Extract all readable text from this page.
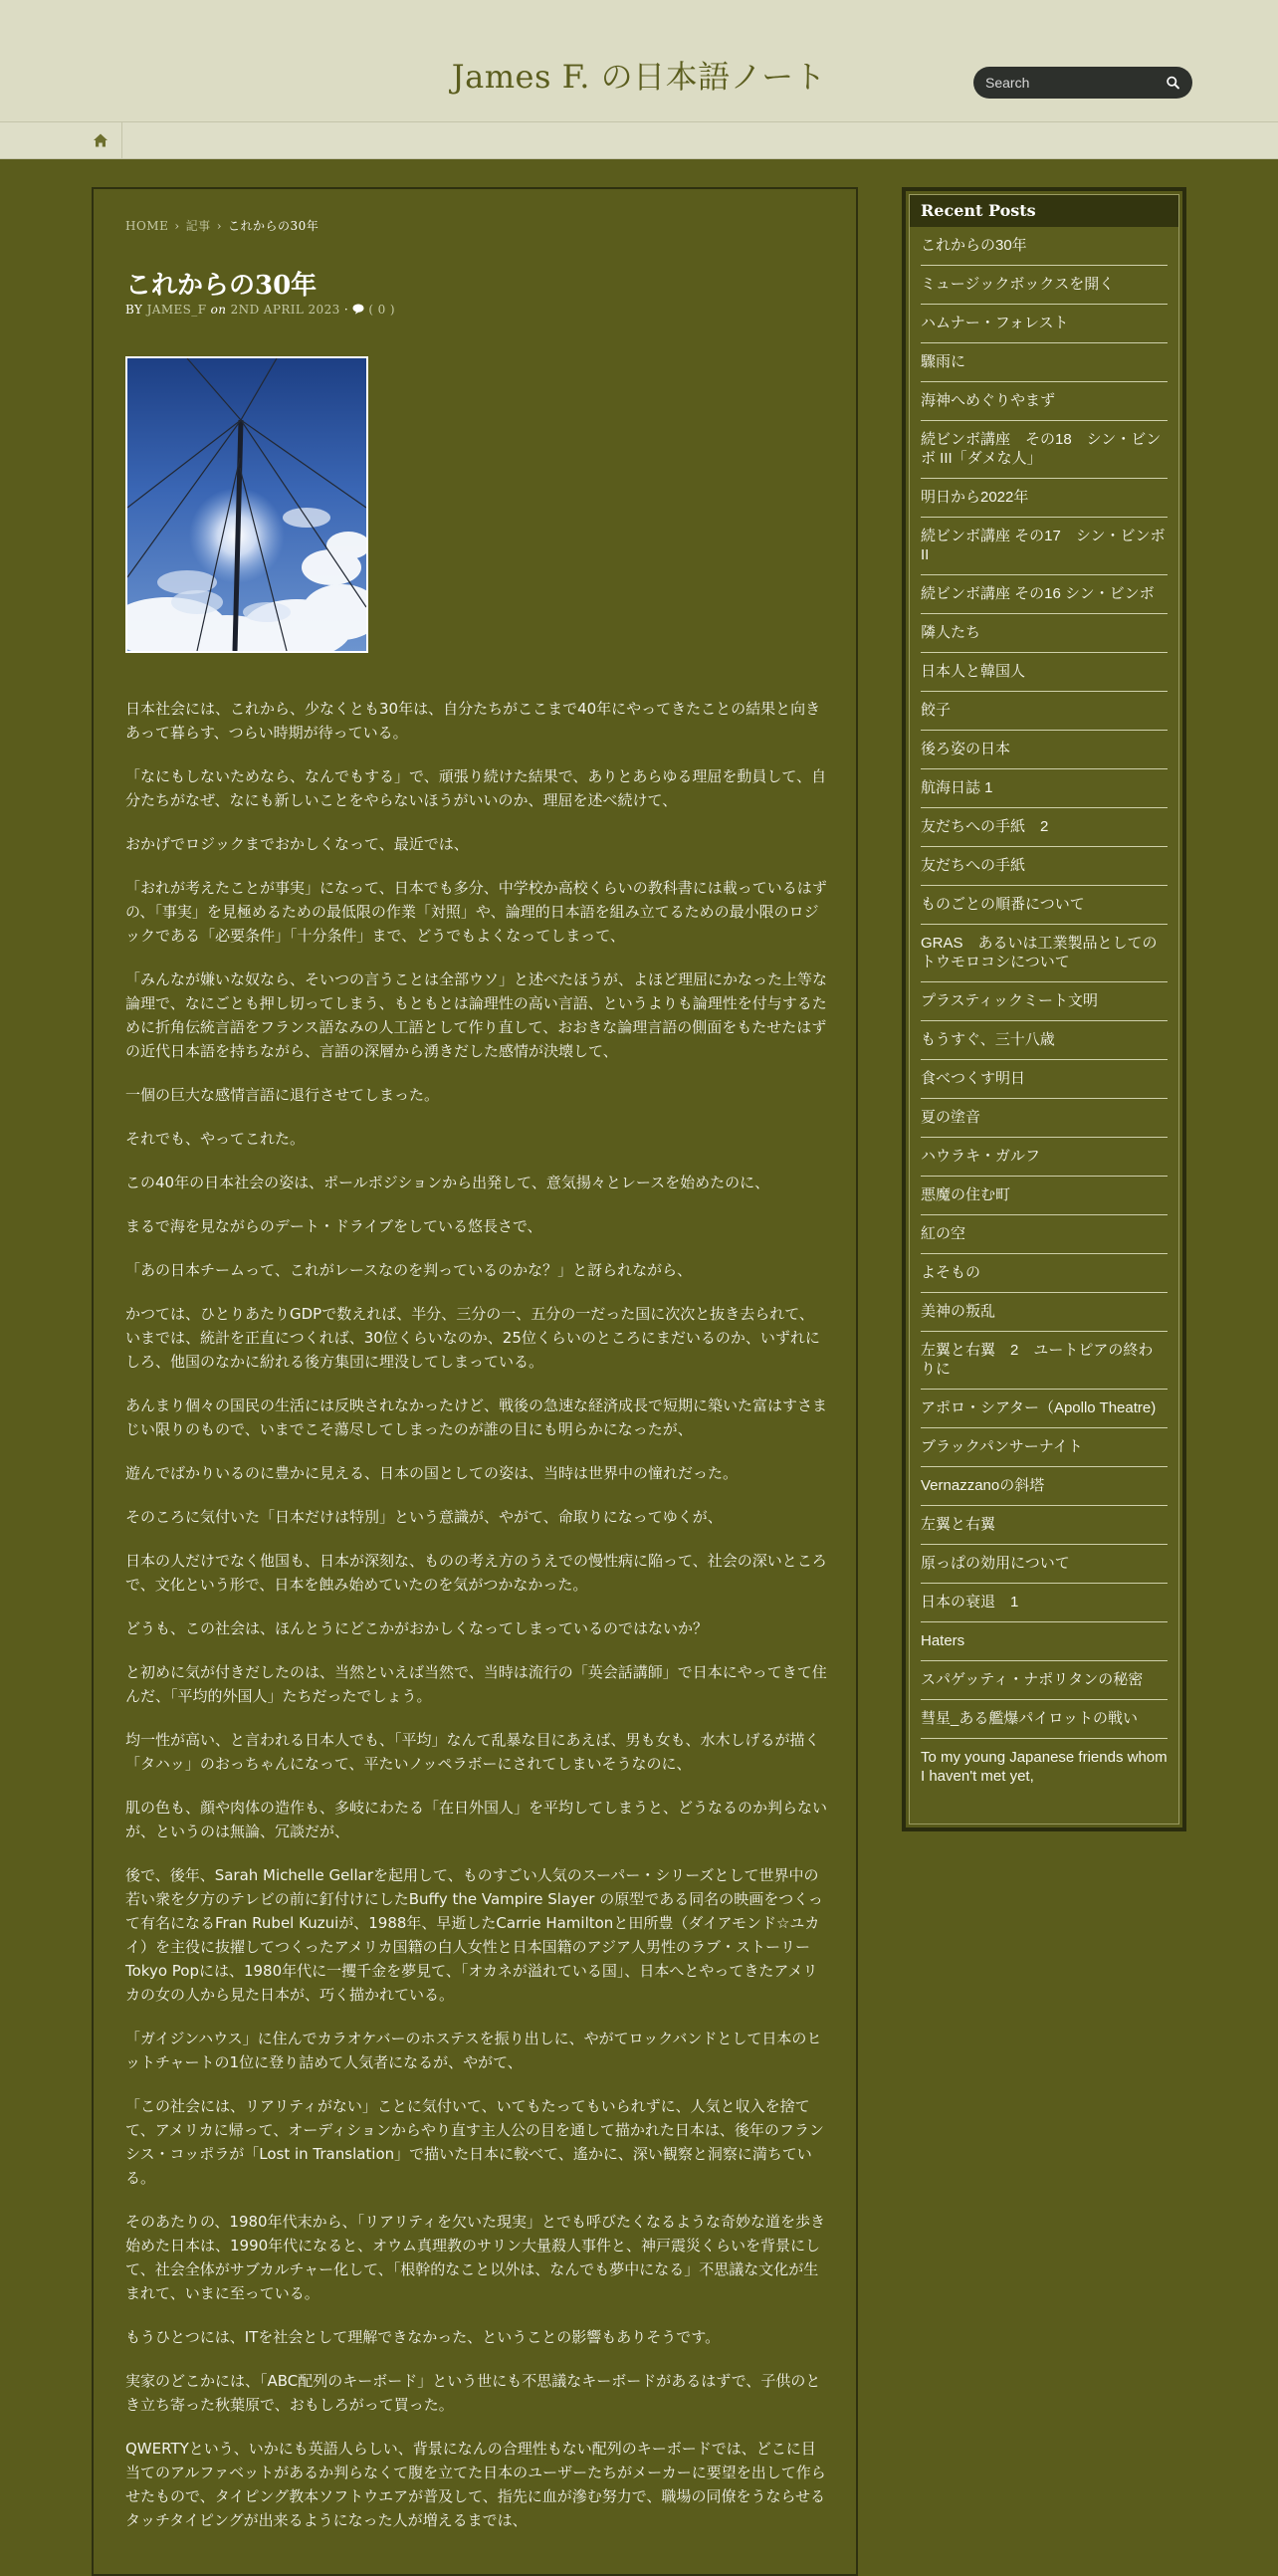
James F. の日本語ノート
Search
HOME › 記事 › これからの30年
これからの30年
BY JAMES_F on 2ND APRIL 2023 · ( 0 )

日本社会には、これから、少なくとも30年は、自分たちがここまで40年にやってきたことの結果と向きあって暮らす、つらい時期が待っている。

「なにもしないためなら、なんでもする」で、頑張り続けた結果で、ありとあらゆる理屈を動員して、自分たちがなぜ、なにも新しいことをやらないほうがいいのか、理屈を述べ続けて、

おかげでロジックまでおかしくなって、最近では、

「おれが考えたことが事実」になって、日本でも多分、中学校か高校くらいの教科書には載っているはずの、「事実」を見極めるための最低限の作業「対照」や、論理的日本語を組み立てるための最小限のロジックである「必要条件」「十分条件」まで、どうでもよくなってしまって、

「みんなが嫌いな奴なら、そいつの言うことは全部ウソ」と述べたほうが、よほど理屈にかなった上等な論理で、なにごとも押し切ってしまう、もともとは論理性の高い言語、というよりも論理性を付与するために折角伝統言語をフランス語なみの人工語として作り直して、おおきな論理言語の側面をもたせたはずの近代日本語を持ちながら、言語の深層から湧きだした感情が決壊して、

一個の巨大な感情言語に退行させてしまった。

それでも、やってこれた。

この40年の日本社会の姿は、ポールポジションから出発して、意気揚々とレースを始めたのに、

まるで海を見ながらのデート・ドライブをしている悠長さで、

「あの日本チームって、これがレースなのを判っているのかな？」と訝られながら、

かつては、ひとりあたりGDPで数えれば、半分、三分の一、五分の一だった国に次次と抜き去られて、いまでは、統計を正直につくれば、30位くらいなのか、25位くらいのところにまだいるのか、いずれにしろ、他国のなかに紛れる後方集団に埋没してしまっている。

あんまり個々の国民の生活には反映されなかったけど、戦後の急速な経済成長で短期に築いた富はすさまじい限りのもので、いまでこそ蕩尽してしまったのが誰の目にも明らかになったが、

遊んでばかりいるのに豊かに見える、日本の国としての姿は、当時は世界中の憧れだった。

そのころに気付いた「日本だけは特別」という意識が、やがて、命取りになってゆくが、

日本の人だけでなく他国も、日本が深刻な、ものの考え方のうえでの慢性病に陥って、社会の深いところで、文化という形で、日本を蝕み始めていたのを気がつかなかった。

どうも、この社会は、ほんとうにどこかがおかしくなってしまっているのではないか？

と初めに気が付きだしたのは、当然といえば当然で、当時は流行の「英会話講師」で日本にやってきて住んだ、「平均的外国人」たちだったでしょう。

均一性が高い、と言われる日本人でも、「平均」なんて乱暴な目にあえば、男も女も、水木しげるが描く「タハッ」のおっちゃんになって、平たいノッペラボーにされてしまいそうなのに、

肌の色も、顔や肉体の造作も、多岐にわたる「在日外国人」を平均してしまうと、どうなるのか判らないが、というのは無論、冗談だが、

後で、後年、Sarah Michelle Gellarを起用して、ものすごい人気のスーパー・シリーズとして世界中の若い衆を夕方のテレビの前に釘付けにしたBuffy the Vampire Slayer の原型である同名の映画をつくって有名になるFran Rubel Kuzuiが、1988年、早逝したCarrie Hamiltonと田所豊（ダイアモンド☆ユカイ）を主役に抜擢してつくったアメリカ国籍の白人女性と日本国籍のアジア人男性のラブ・ストーリーTokyo Popには、1980年代に一攫千金を夢見て、「オカネが溢れている国」、日本へとやってきたアメリカの女の人から見た日本が、巧く描かれている。

「ガイジンハウス」に住んでカラオケバーのホステスを振り出しに、やがてロックバンドとして日本のヒットチャートの1位に登り詰めて人気者になるが、やがて、

「この社会には、リアリティがない」ことに気付いて、いてもたってもいられずに、人気と収入を捨てて、アメリカに帰って、オーディションからやり直す主人公の目を通して描かれた日本は、後年のフランシス・コッポラが「Lost in Translation」で描いた日本に較べて、遙かに、深い観察と洞察に満ちている。

そのあたりの、1980年代末から、「リアリティを欠いた現実」とでも呼びたくなるような奇妙な道を歩き始めた日本は、1990年代になると、オウム真理教のサリン大量殺人事件と、神戸震災くらいを背景にして、社会全体がサブカルチャー化して、「根幹的なこと以外は、なんでも夢中になる」不思議な文化が生まれて、いまに至っている。

もうひとつには、ITを社会として理解できなかった、ということの影響もありそうです。

実家のどこかには、「ABC配列のキーボード」という世にも不思議なキーボードがあるはずで、子供のとき立ち寄った秋葉原で、おもしろがって買った。

QWERTYという、いかにも英語人らしい、背景になんの合理性もない配列のキーボードでは、どこに目当てのアルファベットがあるか判らなくて腹を立てた日本のユーザーたちがメーカーに要望を出して作らせたもので、タイピング教本ソフトウエアが普及して、指先に血が滲む努力で、職場の同僚をうならせるタッチタイピングが出来るようになった人が増えるまでは、

Recent Posts
これからの30年
ミュージックボックスを開く
ハムナー・フォレスト
驟雨に
海神へめぐりやまず
続ビンボ講座　その18　シン・ビンボ III「ダメな人」
明日から2022年
続ビンボ講座 その17　シン・ビンボ II
続ビンボ講座 その16 シン・ビンボ
隣人たち
日本人と韓国人
餃子
後ろ姿の日本
航海日誌 1
友だちへの手紙　2
友だちへの手紙
ものごとの順番について
GRAS　あるいは工業製品としてのトウモロコシについて
プラスティックミート文明
もうすぐ、三十八歳
食べつくす明日
夏の塗音
ハウラキ・ガルフ
悪魔の住む町
紅の空
よそもの
美神の叛乱
左翼と右翼　2　ユートピアの終わりに
アポロ・シアター（Apollo Theatre)
ブラックパンサーナイト
Vernazzanoの斜塔
左翼と右翼
原っぱの効用について
日本の衰退　1
Haters
スパゲッティ・ナポリタンの秘密
彗星_ある艦爆パイロットの戦い
To my young Japanese friends whom I haven't met yet,
